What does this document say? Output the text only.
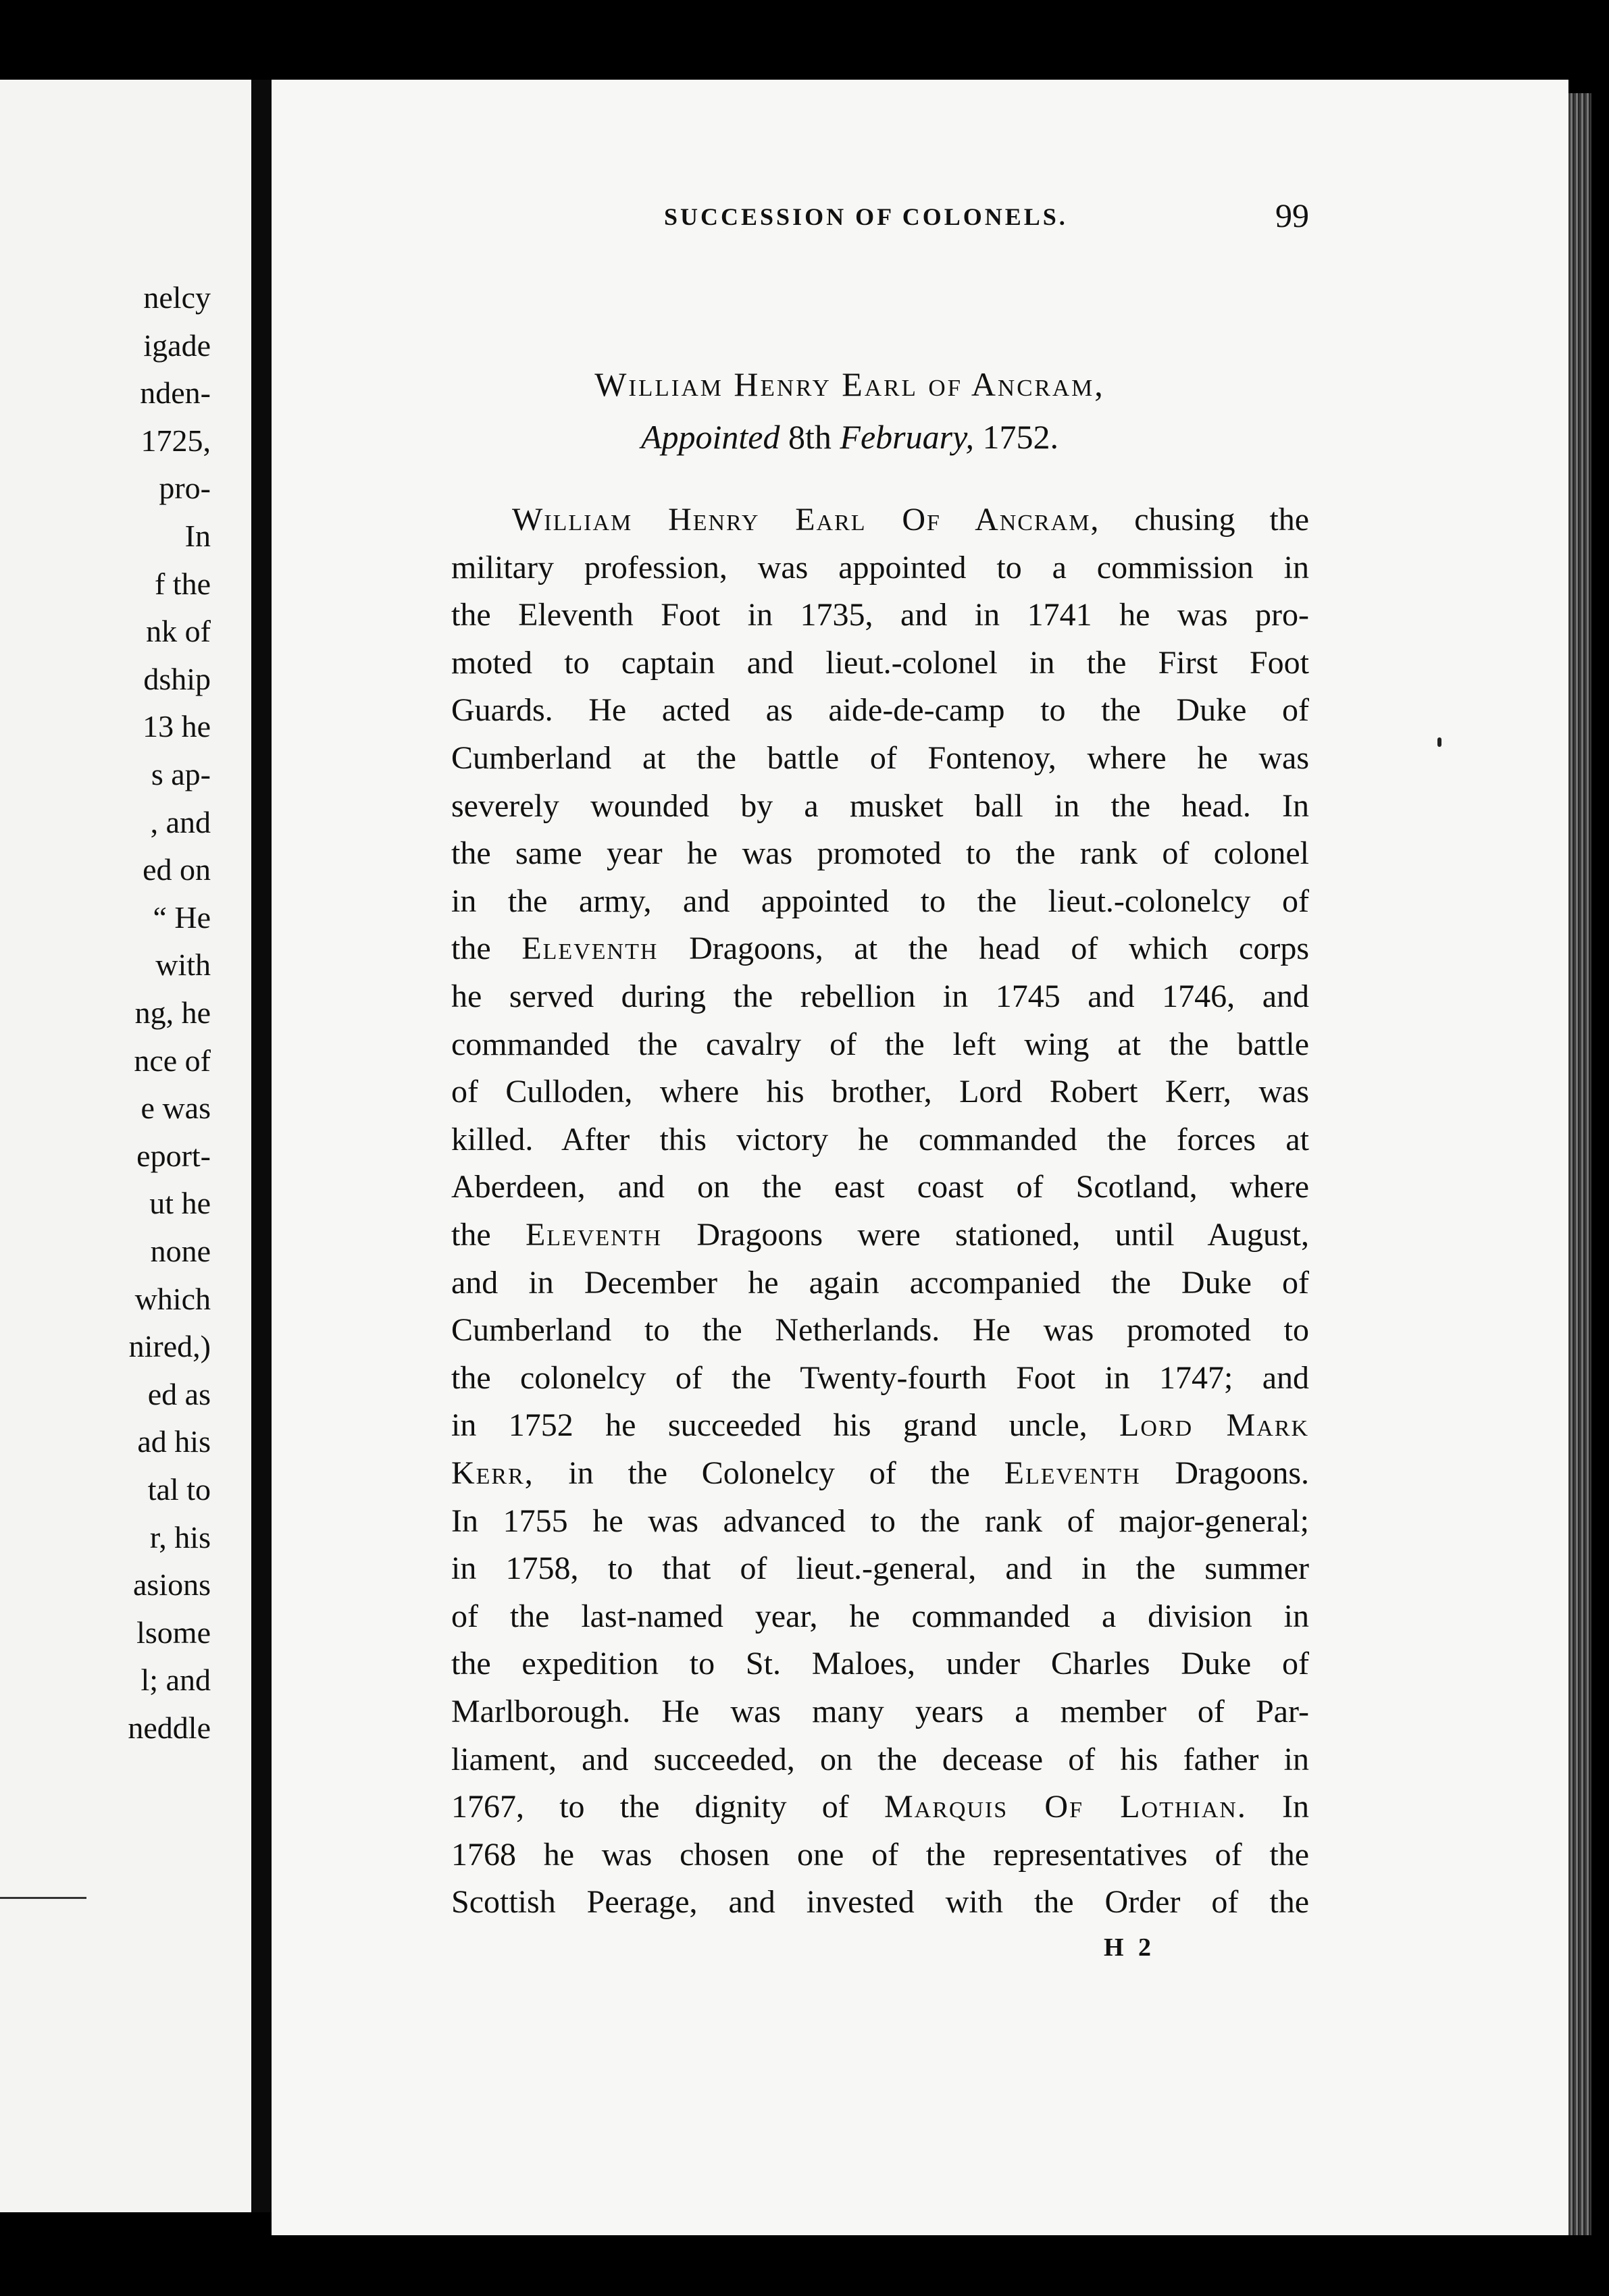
nelcy
igade
nden-
1725,
pro-
In
f the
nk of
dship
13 he
s ap-
, and
ed on
“ He
with
ng, he
nce of
e was
eport-
ut he
none
which
nired,)
ed as
ad his
tal to
r, his
asions
lsome
l; and
neddle
SUCCESSION OF COLONELS.	99
William Henry Earl of Ancram,
Appointed 8th February, 1752.
William Henry Earl Of Ancram, chusing the
military profession, was appointed to a commission in
the Eleventh Foot in 1735, and in 1741 he was pro-
moted to captain and lieut.-colonel in the First Foot
Guards. He acted as aide-de-camp to the Duke of
Cumberland at the battle of Fontenoy, where he was
severely wounded by a musket ball in the head. In
the same year he was promoted to the rank of colonel
in the army, and appointed to the lieut.-colonelcy of
the Eleventh Dragoons, at the head of which corps
he served during the rebellion in 1745 and 1746, and
commanded the cavalry of the left wing at the battle
of Culloden, where his brother, Lord Robert Kerr, was
killed. After this victory he commanded the forces at
Aberdeen, and on the east coast of Scotland, where
the Eleventh Dragoons were stationed, until August,
and in December he again accompanied the Duke of
Cumberland to the Netherlands. He was promoted to
the colonelcy of the Twenty-fourth Foot in 1747; and
in 1752 he succeeded his grand uncle, Lord Mark
Kerr, in the Colonelcy of the Eleventh Dragoons.
In 1755 he was advanced to the rank of major-general;
in 1758, to that of lieut.-general, and in the summer
of the last-named year, he commanded a division in
the expedition to St. Maloes, under Charles Duke of
Marlborough. He was many years a member of Par-
liament, and succeeded, on the decease of his father in
1767, to the dignity of Marquis Of Lothian. In
1768 he was chosen one of the representatives of the
Scottish Peerage, and invested with the Order of the
H 2
